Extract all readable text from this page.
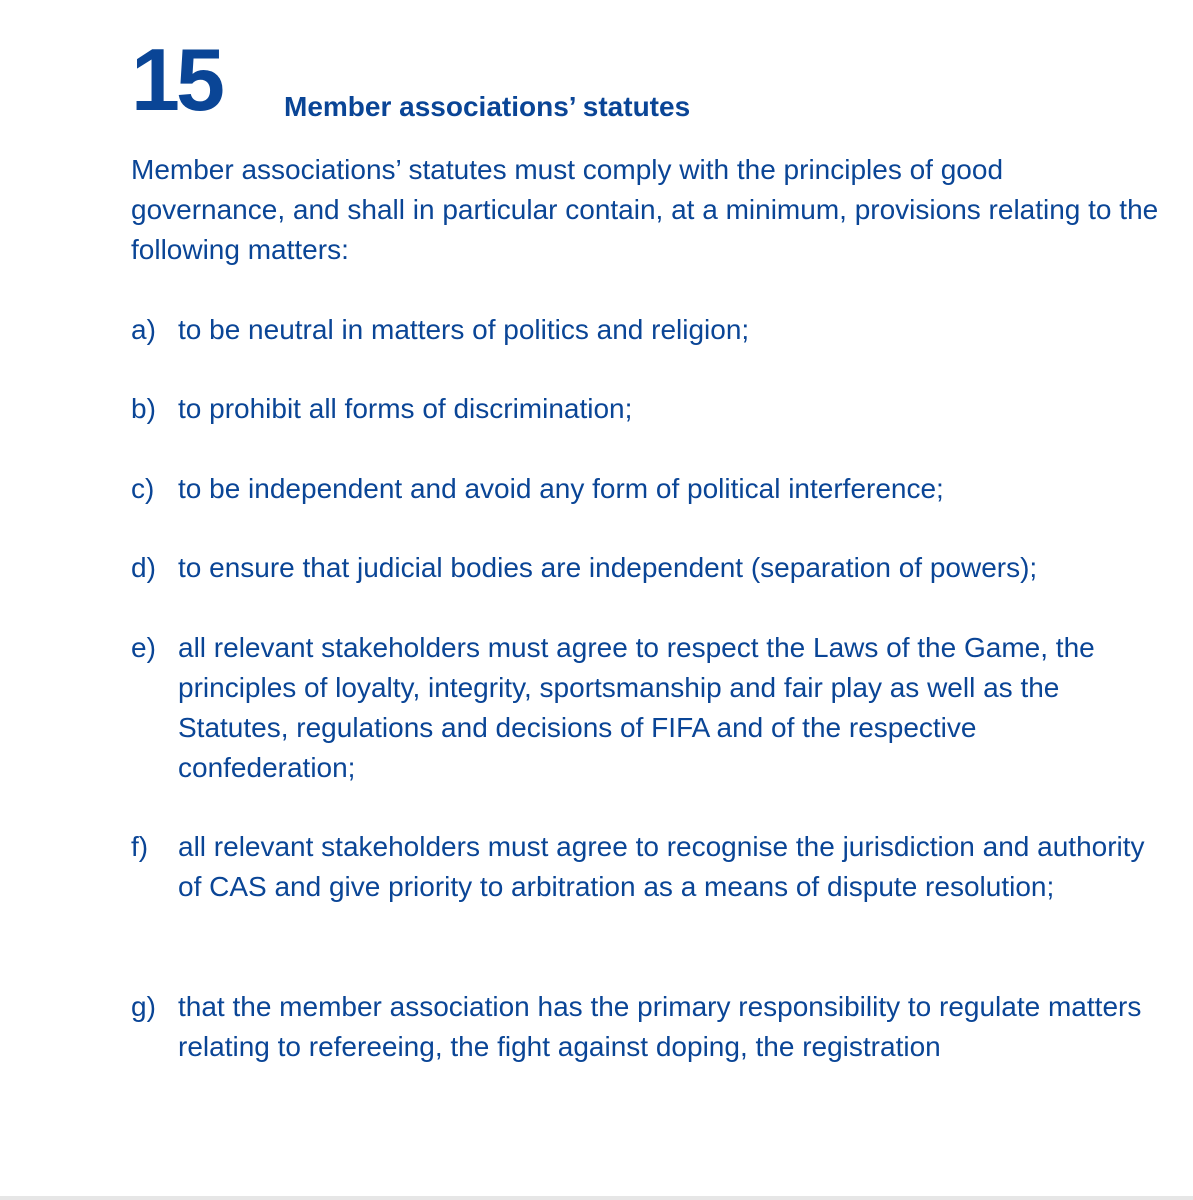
15 Member associations’ statutes

Member associations’ statutes must comply with the principles of good governance, and shall in particular contain, at a minimum, provisions relating to the following matters:

a) to be neutral in matters of politics and religion;
b) to prohibit all forms of discrimination;
c) to be independent and avoid any form of political interference;
d) to ensure that judicial bodies are independent (separation of powers);
e) all relevant stakeholders must agree to respect the Laws of the Game, the principles of loyalty, integrity, sportsmanship and fair play as well as the Statutes, regulations and decisions of FIFA and of the respective confederation;
f)	all relevant stakeholders must agree to recognise the jurisdiction and authority of CAS and give priority to arbitration as a means of dispute resolution;
g) that the member association has the primary responsibility to regulate matters relating to refereeing, the fight against doping, the registration
